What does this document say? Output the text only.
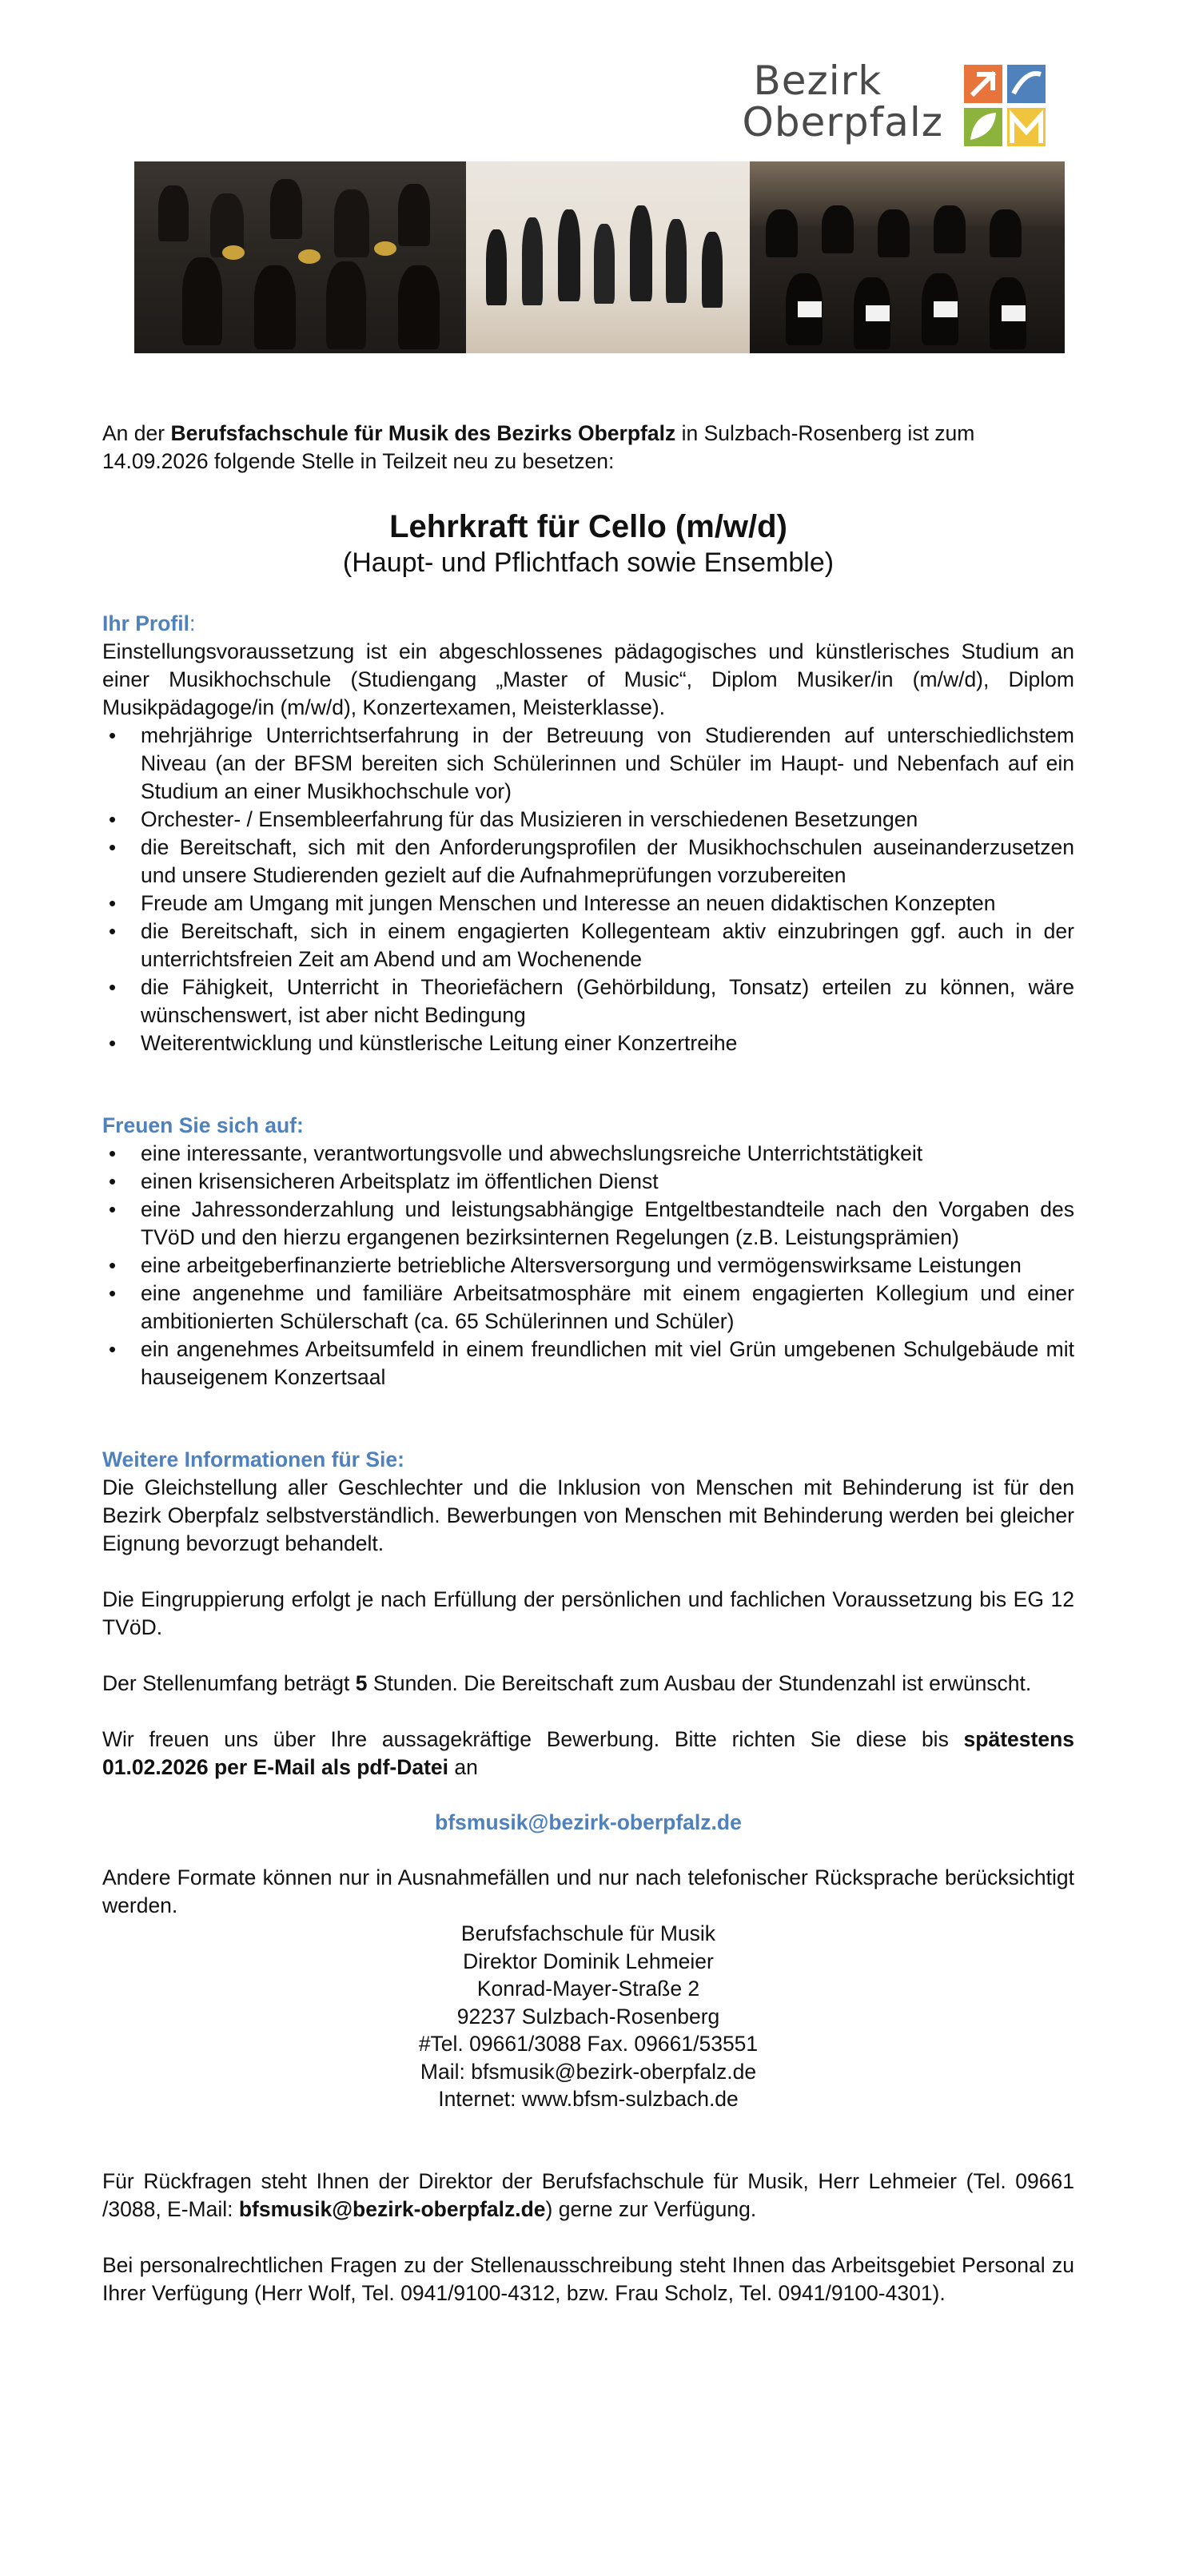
Bezirk
Oberpfalz

An der Berufsfachschule für Musik des Bezirks Oberpfalz in Sulzbach-Rosenberg ist zum 14.09.2026 folgende Stelle in Teilzeit neu zu besetzen:

Lehrkraft für Cello (m/w/d)

(Haupt- und Pflichtfach sowie Ensemble)

Ihr Profil:

Einstellungsvoraussetzung ist ein abgeschlossenes pädagogisches und künstlerisches Studium an einer Musikhochschule (Studiengang „Master of Music“, Diplom Musiker/in (m/w/d), Diplom Musikpädagoge/in (m/w/d), Konzertexamen, Meisterklasse).

• mehrjährige Unterrichtserfahrung in der Betreuung von Studierenden auf unterschiedlichstem Niveau (an der BFSM bereiten sich Schülerinnen und Schüler im Haupt- und Nebenfach auf ein Studium an einer Musikhochschule vor)
• Orchester- / Ensembleerfahrung für das Musizieren in verschiedenen Besetzungen
• die Bereitschaft, sich mit den Anforderungsprofilen der Musikhochschulen auseinanderzusetzen und unsere Studierenden gezielt auf die Aufnahmeprüfungen vorzubereiten
• Freude am Umgang mit jungen Menschen und Interesse an neuen didaktischen Konzepten
• die Bereitschaft, sich in einem engagierten Kollegenteam aktiv einzubringen ggf. auch in der unterrichtsfreien Zeit am Abend und am Wochenende
• die Fähigkeit, Unterricht in Theoriefächern (Gehörbildung, Tonsatz) erteilen zu können, wäre wünschenswert, ist aber nicht Bedingung
• Weiterentwicklung und künstlerische Leitung einer Konzertreihe

Freuen Sie sich auf:

• eine interessante, verantwortungsvolle und abwechslungsreiche Unterrichtstätigkeit
• einen krisensicheren Arbeitsplatz im öffentlichen Dienst
• eine Jahressonderzahlung und leistungsabhängige Entgeltbestandteile nach den Vorgaben des TVöD und den hierzu ergangenen bezirksinternen Regelungen (z.B. Leistungsprämien)
• eine arbeitgeberfinanzierte betriebliche Altersversorgung und vermögenswirksame Leistungen
• eine angenehme und familiäre Arbeitsatmosphäre mit einem engagierten Kollegium und einer ambitionierten Schülerschaft (ca. 65 Schülerinnen und Schüler)
• ein angenehmes Arbeitsumfeld in einem freundlichen mit viel Grün umgebenen Schulgebäude mit hauseigenem Konzertsaal

Weitere Informationen für Sie:

Die Gleichstellung aller Geschlechter und die Inklusion von Menschen mit Behinderung ist für den Bezirk Oberpfalz selbstverständlich. Bewerbungen von Menschen mit Behinderung werden bei gleicher Eignung bevorzugt behandelt.

Die Eingruppierung erfolgt je nach Erfüllung der persönlichen und fachlichen Voraussetzung bis EG 12 TVöD.

Der Stellenumfang beträgt 5 Stunden. Die Bereitschaft zum Ausbau der Stundenzahl ist erwünscht.

Wir freuen uns über Ihre aussagekräftige Bewerbung. Bitte richten Sie diese bis spätestens 01.02.2026 per E-Mail als pdf-Datei an

bfsmusik@bezirk-oberpfalz.de

Andere Formate können nur in Ausnahmefällen und nur nach telefonischer Rücksprache berücksichtigt werden.

Berufsfachschule für Musik
Direktor Dominik Lehmeier
Konrad-Mayer-Straße 2
92237 Sulzbach-Rosenberg
#Tel. 09661/3088 Fax. 09661/53551
Mail: bfsmusik@bezirk-oberpfalz.de
Internet: www.bfsm-sulzbach.de

Für Rückfragen steht Ihnen der Direktor der Berufsfachschule für Musik, Herr Lehmeier (Tel. 09661 /3088, E-Mail: bfsmusik@bezirk-oberpfalz.de) gerne zur Verfügung.

Bei personalrechtlichen Fragen zu der Stellenausschreibung steht Ihnen das Arbeitsgebiet Personal zu Ihrer Verfügung (Herr Wolf, Tel. 0941/9100-4312, bzw. Frau Scholz, Tel. 0941/9100-4301).
